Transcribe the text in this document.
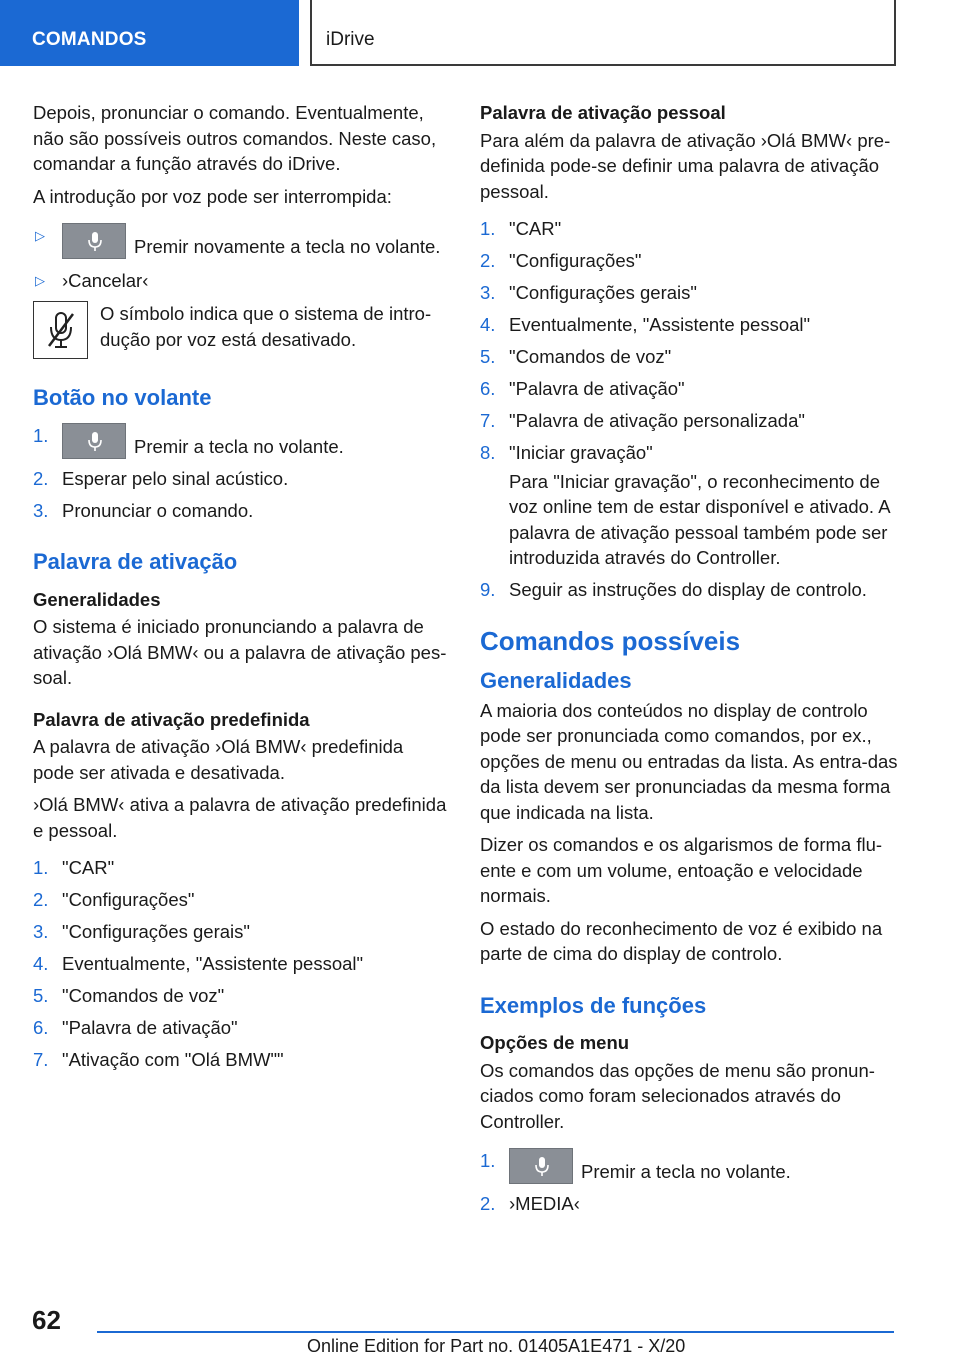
COMANDOS	iDrive

Depois, pronunciar o comando. Eventualmente, não são possíveis outros comandos. Neste caso, comandar a função através do iDrive.

A introdução por voz pode ser interrompida:

▷
Premir novamente a tecla no volante.
▷ ›Cancelar‹
O símbolo indica que o sistema de intro-dução por voz está desativado.
Botão no volante
1.
Premir a tecla no volante.
2. Esperar pelo sinal acústico.
3. Pronunciar o comando.
Palavra de ativação
Generalidades

O sistema é iniciado pronunciando a palavra de ativação ›Olá BMW‹ ou a palavra de ativação pes-soal.

Palavra de ativação predefinida

A palavra de ativação ›Olá BMW‹ predefinida pode ser ativada e desativada.

›Olá BMW‹ ativa a palavra de ativação predefinida e pessoal.

1. "CAR"
2. "Configurações"
3. "Configurações gerais"
4. Eventualmente, "Assistente pessoal"
5. "Comandos de voz"
6. "Palavra de ativação"
7. "Ativação com "Olá BMW""
Palavra de ativação pessoal

Para além da palavra de ativação ›Olá BMW‹ pre-definida pode-se definir uma palavra de ativação pessoal.

1. "CAR"
2. "Configurações"
3. "Configurações gerais"
4. Eventualmente, "Assistente pessoal"
5. "Comandos de voz"
6. "Palavra de ativação"
7. "Palavra de ativação personalizada"
8. "Iniciar gravação"
Para "Iniciar gravação", o reconhecimento de voz online tem de estar disponível e ativado. A palavra de ativação pessoal também pode ser introduzida através do Controller.
9. Seguir as instruções do display de controlo.
Comandos possíveis
Generalidades

A maioria dos conteúdos no display de controlo pode ser pronunciada como comandos, por ex., opções de menu ou entradas da lista. As entra-das da lista devem ser pronunciadas da mesma forma que indicada na lista.

Dizer os comandos e os algarismos de forma flu-ente e com um volume, entoação e velocidade normais.

O estado do reconhecimento de voz é exibido na parte de cima do display de controlo.

Exemplos de funções
Opções de menu

Os comandos das opções de menu são pronun-ciados como foram selecionados através do Controller.

1.
Premir a tecla no volante.
2. ›MEDIA‹
62
Online Edition for Part no. 01405A1E471 - X/20
